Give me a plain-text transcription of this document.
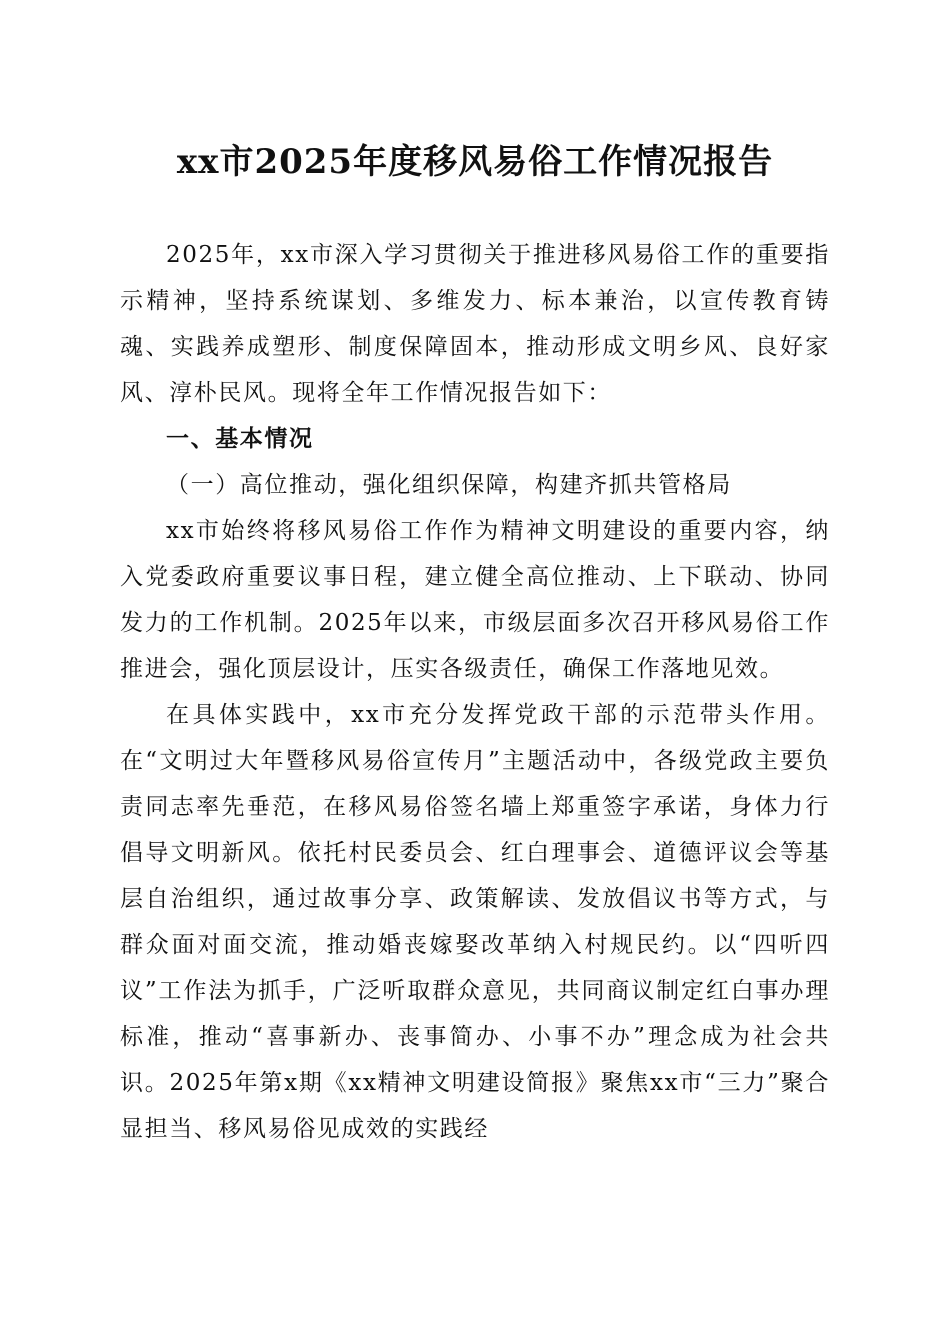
xx市2025年度移风易俗工作情况报告

2025年，xx市深入学习贯彻关于推进移风易俗工作的重要指示精神，坚持系统谋划、多维发力、标本兼治，以宣传教育铸魂、实践养成塑形、制度保障固本，推动形成文明乡风、良好家风、淳朴民风。现将全年工作情况报告如下：

一、基本情况

（一）高位推动，强化组织保障，构建齐抓共管格局

xx市始终将移风易俗工作作为精神文明建设的重要内容，纳入党委政府重要议事日程，建立健全高位推动、上下联动、协同发力的工作机制。2025年以来，市级层面多次召开移风易俗工作推进会，强化顶层设计，压实各级责任，确保工作落地见效。

在具体实践中，xx市充分发挥党政干部的示范带头作用。在“文明过大年暨移风易俗宣传月”主题活动中，各级党政主要负责同志率先垂范，在移风易俗签名墙上郑重签字承诺，身体力行倡导文明新风。依托村民委员会、红白理事会、道德评议会等基层自治组织，通过故事分享、政策解读、发放倡议书等方式，与群众面对面交流，推动婚丧嫁娶改革纳入村规民约。以“四听四议”工作法为抓手，广泛听取群众意见，共同商议制定红白事办理标准，推动“喜事新办、丧事简办、小事不办”理念成为社会共识。2025年第x期《xx精神文明建设简报》聚焦xx市“三力”聚合显担当、移风易俗见成效的实践经
